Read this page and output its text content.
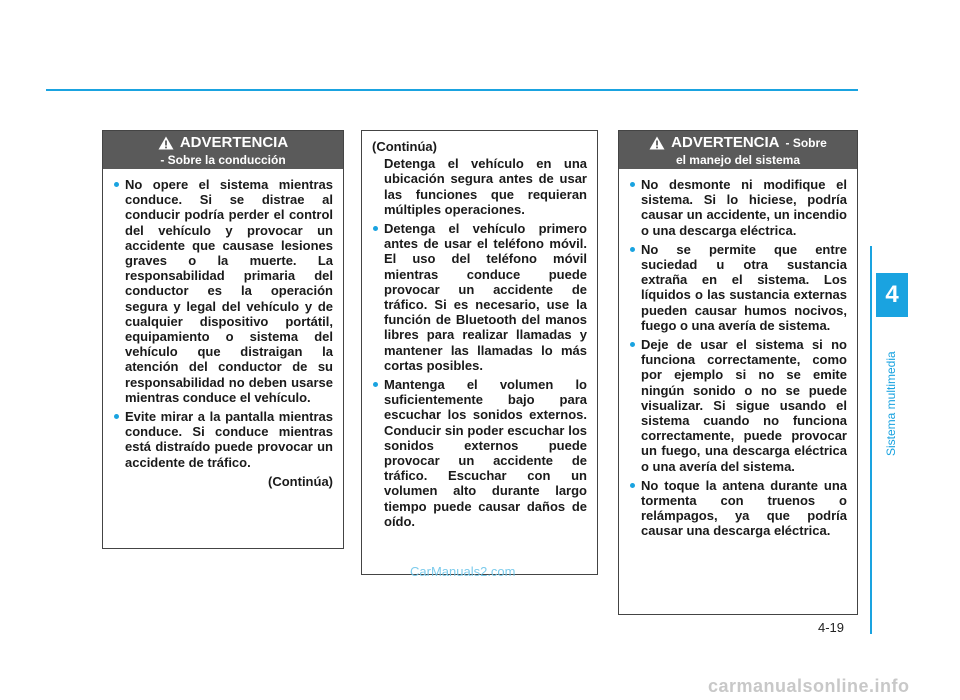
4
Sistema multimedia
4-19
ADVERTENCIA
- Sobre la conducción
No opere el sistema mientras conduce. Si se distrae al conducir podría perder el control del vehículo y provocar un accidente que causase lesiones graves o la muerte. La responsabilidad primaria del conductor es la operación segura y legal del vehículo y de cualquier dispositivo portátil, equipamiento o sistema del vehículo que distraigan la atención del conductor de su responsabilidad no deben usarse mientras conduce el vehículo.
Evite mirar a la pantalla mientras conduce. Si conduce mientras está distraído puede provocar un accidente de tráfico.
(Continúa)
(Continúa)
Detenga el vehículo en una ubicación segura antes de usar las funciones que requieran múltiples operaciones.
Detenga el vehículo primero antes de usar el teléfono móvil. El uso del teléfono móvil mientras conduce puede provocar un accidente de tráfico. Si es necesario, use la función de Bluetooth del manos libres para realizar llamadas y mantener las llamadas lo más cortas posibles.
Mantenga el volumen lo suficientemente bajo para escuchar los sonidos externos. Conducir sin poder escuchar los sonidos externos puede provocar un accidente de tráfico. Escuchar con un volumen alto durante largo tiempo puede causar daños de oído.
ADVERTENCIA - Sobre
el manejo del sistema
No desmonte ni modifique el sistema. Si lo hiciese, podría causar un accidente, un incendio o una descarga eléctrica.
No se permite que entre suciedad u otra sustancia extraña en el sistema. Los líquidos o las sustancia externas pueden causar humos nocivos, fuego o una avería de sistema.
Deje de usar el sistema si no funciona correctamente, como por ejemplo si no se emite ningún sonido o no se puede visualizar. Si sigue usando el sistema cuando no funciona correctamente, puede provocar un fuego, una descarga eléctrica o una avería del sistema.
No toque la antena durante una tormenta con truenos o relámpagos, ya que podría causar una descarga eléctrica.
CarManuals2.com
carmanualsonline.info
